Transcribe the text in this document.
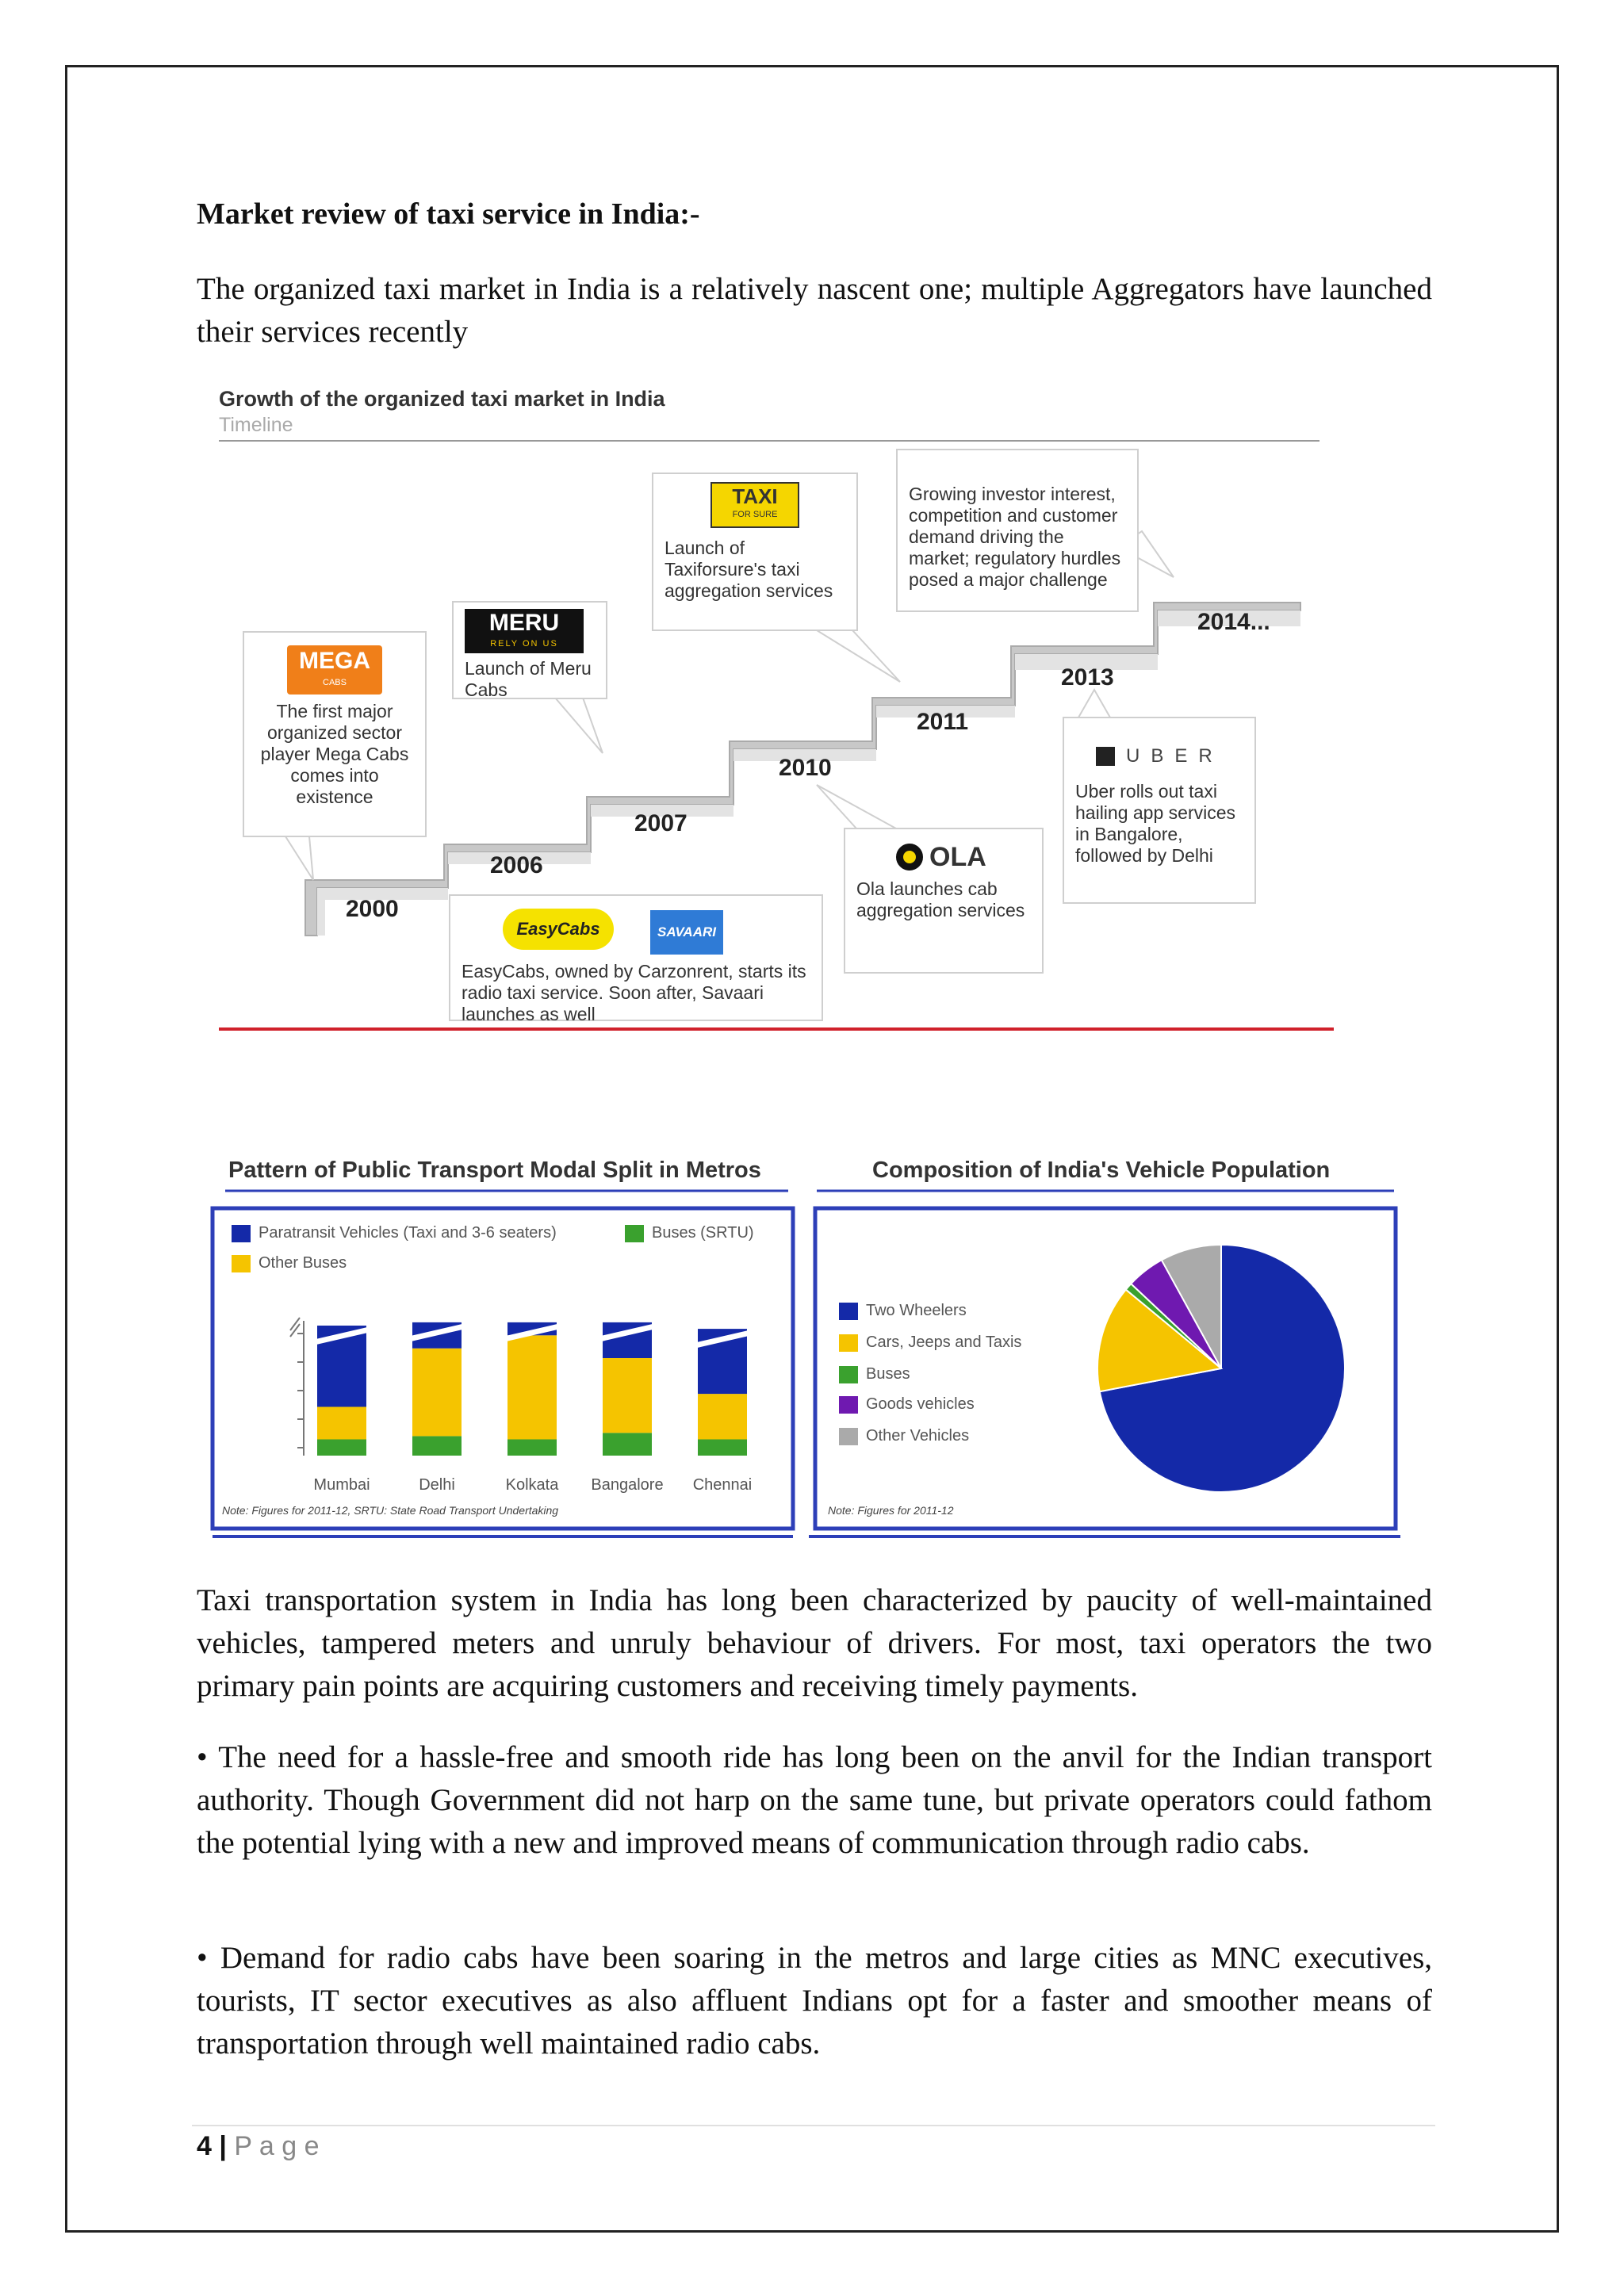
Market review of taxi service in India:-
The organized taxi market in India is a relatively nascent one; multiple Aggregators have launched their services recently
Growth of the organized taxi market in India
Timeline
2000
2006
2007
2010
2011
2013
2014...
MEGA
CABS
The first major organized sector player Mega Cabs comes into existence
MERU
RELY ON US
Launch of Meru Cabs
EasyCabs	SAVAARI
EasyCabs, owned by Carzonrent, starts its radio taxi service. Soon after, Savaari launches as well
TAXI
FOR SURE
Launch of Taxiforsure's taxi aggregation services
OLA
Ola launches cab aggregation services
Growing investor interest, competition and customer demand driving the market; regulatory hurdles posed a major challenge
UBER
Uber rolls out taxi hailing app services in Bangalore, followed by Delhi
Pattern of Public Transport Modal Split in Metros
Paratransit Vehicles (Taxi and 3-6 seaters)	Buses (SRTU)
Other Buses
Mumbai	Delhi	Kolkata	Bangalore	Chennai
Note: Figures for 2011-12, SRTU: State Road Transport Undertaking
Composition of India's Vehicle Population
Two Wheelers
Cars, Jeeps and Taxis
Buses
Goods vehicles
Other Vehicles
Note: Figures for 2011-12
Taxi transportation system in India has long been characterized by paucity of well-maintained vehicles, tampered meters and unruly behaviour of drivers. For most, taxi operators the two primary pain points are acquiring customers and receiving timely payments.
• The need for a hassle-free and smooth ride has long been on the anvil for the Indian transport authority. Though Government did not harp on the same tune, but private operators could fathom the potential lying with a new and improved means of communication through radio cabs.
• Demand for radio cabs have been soaring in the metros and large cities as MNC executives, tourists, IT sector executives as also affluent Indians opt for a faster and smoother means of transportation through well maintained radio cabs.
4 | P a g e
